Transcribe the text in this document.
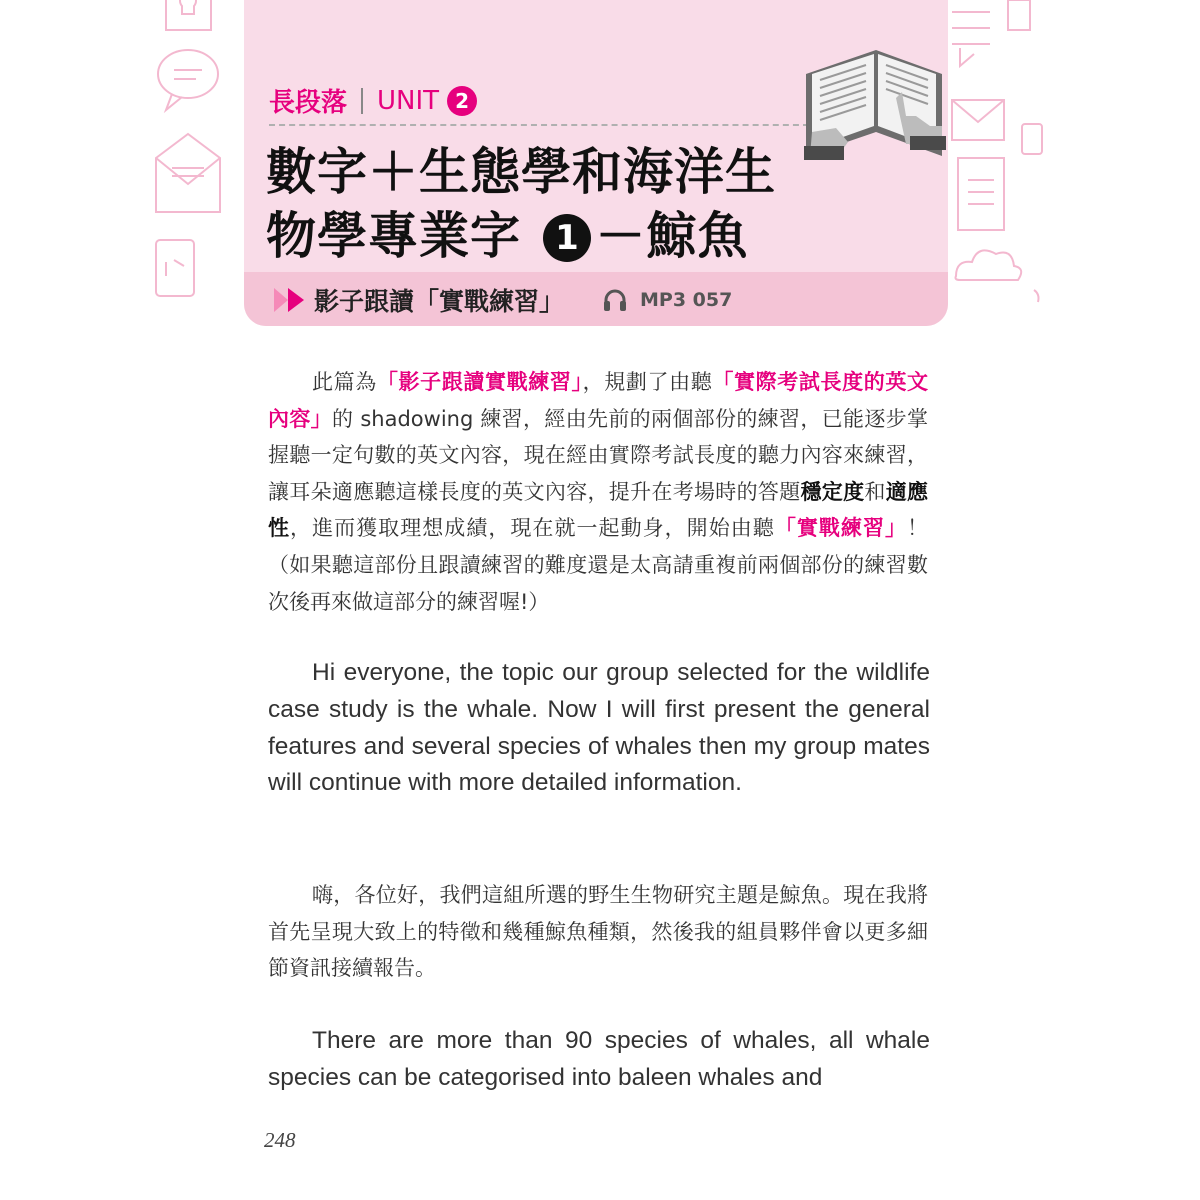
長段落 UNIT 2
數字＋生態學和海洋生
物學專業字 1 －鯨魚
影子跟讀「實戰練習」	MP3 057

此篇為「影子跟讀實戰練習」，規劃了由聽「實際考試長度的英文內容」的 shadowing 練習，經由先前的兩個部份的練習，已能逐步掌握聽一定句數的英文內容，現在經由實際考試長度的聽力內容來練習，讓耳朵適應聽這樣長度的英文內容，提升在考場時的答題穩定度和適應性，進而獲取理想成績，現在就一起動身，開始由聽「實戰練習」！（如果聽這部份且跟讀練習的難度還是太高請重複前兩個部份的練習數次後再來做這部分的練習喔!）

Hi everyone, the topic our group selected for the wildlife case study is the whale. Now I will first present the general features and several species of whales then my group mates will continue with more detailed information.

嗨，各位好，我們這組所選的野生生物研究主題是鯨魚。現在我將首先呈現大致上的特徵和幾種鯨魚種類，然後我的組員夥伴會以更多細節資訊接續報告。

There are more than 90 species of whales, all whale species can be categorised into baleen whales and

248
